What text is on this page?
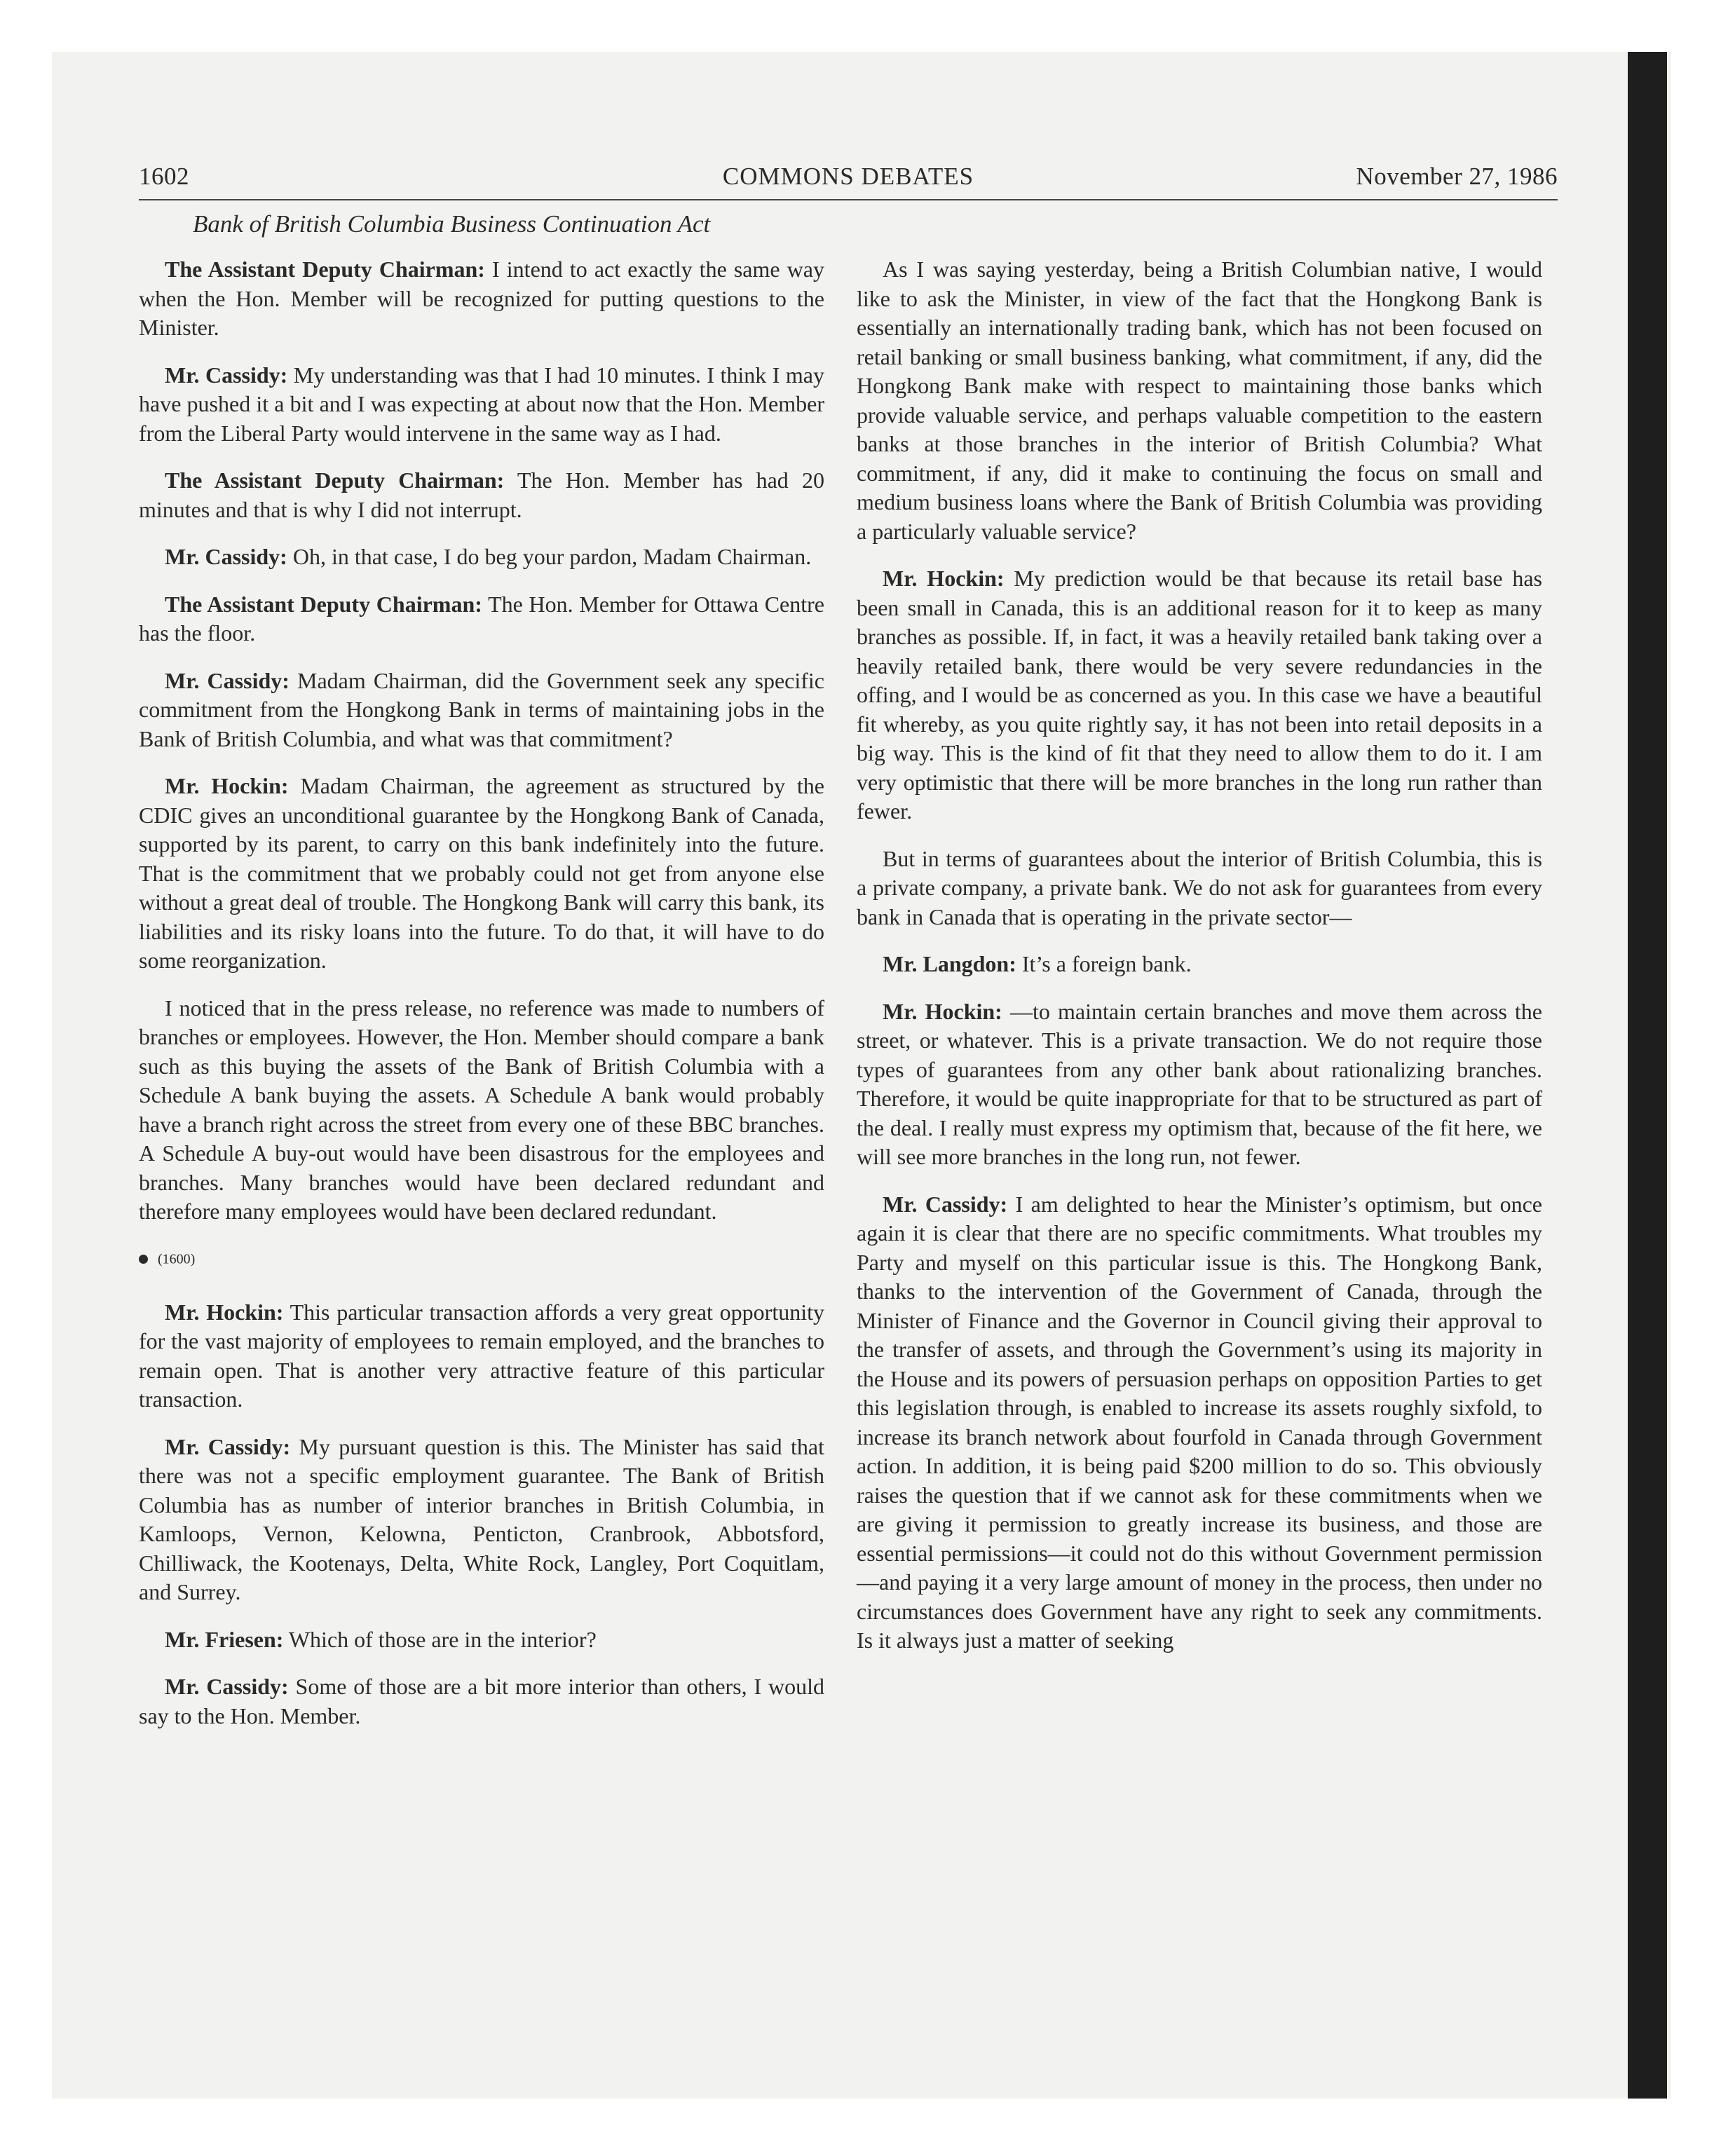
COMMONS DEBATES
1602	November 27, 1986
Bank of British Columbia Business Continuation Act

The Assistant Deputy Chairman: I intend to act exactly the same way when the Hon. Member will be recognized for putting questions to the Minister.

Mr. Cassidy: My understanding was that I had 10 minutes. I think I may have pushed it a bit and I was expecting at about now that the Hon. Member from the Liberal Party would intervene in the same way as I had.

The Assistant Deputy Chairman: The Hon. Member has had 20 minutes and that is why I did not interrupt.

Mr. Cassidy: Oh, in that case, I do beg your pardon, Madam Chairman.

The Assistant Deputy Chairman: The Hon. Member for Ottawa Centre has the floor.

Mr. Cassidy: Madam Chairman, did the Government seek any specific commitment from the Hongkong Bank in terms of maintaining jobs in the Bank of British Columbia, and what was that commitment?

Mr. Hockin: Madam Chairman, the agreement as structured by the CDIC gives an unconditional guarantee by the Hongkong Bank of Canada, supported by its parent, to carry on this bank indefinitely into the future. That is the commitment that we probably could not get from anyone else without a great deal of trouble. The Hongkong Bank will carry this bank, its liabilities and its risky loans into the future. To do that, it will have to do some reorganization.

I noticed that in the press release, no reference was made to numbers of branches or employees. However, the Hon. Member should compare a bank such as this buying the assets of the Bank of British Columbia with a Schedule A bank buying the assets. A Schedule A bank would probably have a branch right across the street from every one of these BBC branches. A Schedule A buy-out would have been disastrous for the employees and branches. Many branches would have been declared redundant and therefore many employees would have been declared redundant.

(1600)

Mr. Hockin: This particular transaction affords a very great opportunity for the vast majority of employees to remain employed, and the branches to remain open. That is another very attractive feature of this particular transaction.

Mr. Cassidy: My pursuant question is this. The Minister has said that there was not a specific employment guarantee. The Bank of British Columbia has as number of interior branches in British Columbia, in Kamloops, Vernon, Kelowna, Penticton, Cranbrook, Abbotsford, Chilliwack, the Kootenays, Delta, White Rock, Langley, Port Coquitlam, and Surrey.

Mr. Friesen: Which of those are in the interior?

Mr. Cassidy: Some of those are a bit more interior than others, I would say to the Hon. Member.

As I was saying yesterday, being a British Columbian native, I would like to ask the Minister, in view of the fact that the Hongkong Bank is essentially an internationally trading bank, which has not been focused on retail banking or small business banking, what commitment, if any, did the Hongkong Bank make with respect to maintaining those banks which provide valuable service, and perhaps valuable competition to the eastern banks at those branches in the interior of British Columbia? What commitment, if any, did it make to continuing the focus on small and medium business loans where the Bank of British Columbia was providing a particularly valuable service?

Mr. Hockin: My prediction would be that because its retail base has been small in Canada, this is an additional reason for it to keep as many branches as possible. If, in fact, it was a heavily retailed bank taking over a heavily retailed bank, there would be very severe redundancies in the offing, and I would be as concerned as you. In this case we have a beautiful fit whereby, as you quite rightly say, it has not been into retail deposits in a big way. This is the kind of fit that they need to allow them to do it. I am very optimistic that there will be more branches in the long run rather than fewer.

But in terms of guarantees about the interior of British Columbia, this is a private company, a private bank. We do not ask for guarantees from every bank in Canada that is operating in the private sector—

Mr. Langdon: It’s a foreign bank.

Mr. Hockin: —to maintain certain branches and move them across the street, or whatever. This is a private transaction. We do not require those types of guarantees from any other bank about rationalizing branches. Therefore, it would be quite inappropriate for that to be structured as part of the deal. I really must express my optimism that, because of the fit here, we will see more branches in the long run, not fewer.

Mr. Cassidy: I am delighted to hear the Minister’s optimism, but once again it is clear that there are no specific commitments. What troubles my Party and myself on this particular issue is this. The Hongkong Bank, thanks to the intervention of the Government of Canada, through the Minister of Finance and the Governor in Council giving their approval to the transfer of assets, and through the Government’s using its majority in the House and its powers of persuasion perhaps on opposition Parties to get this legislation through, is enabled to increase its assets roughly sixfold, to increase its branch network about fourfold in Canada through Government action. In addition, it is being paid $200 million to do so. This obviously raises the question that if we cannot ask for these commitments when we are giving it permission to greatly increase its business, and those are essential permissions—it could not do this without Government permission—and paying it a very large amount of money in the process, then under no circumstances does Government have any right to seek any commitments. Is it always just a matter of seeking
